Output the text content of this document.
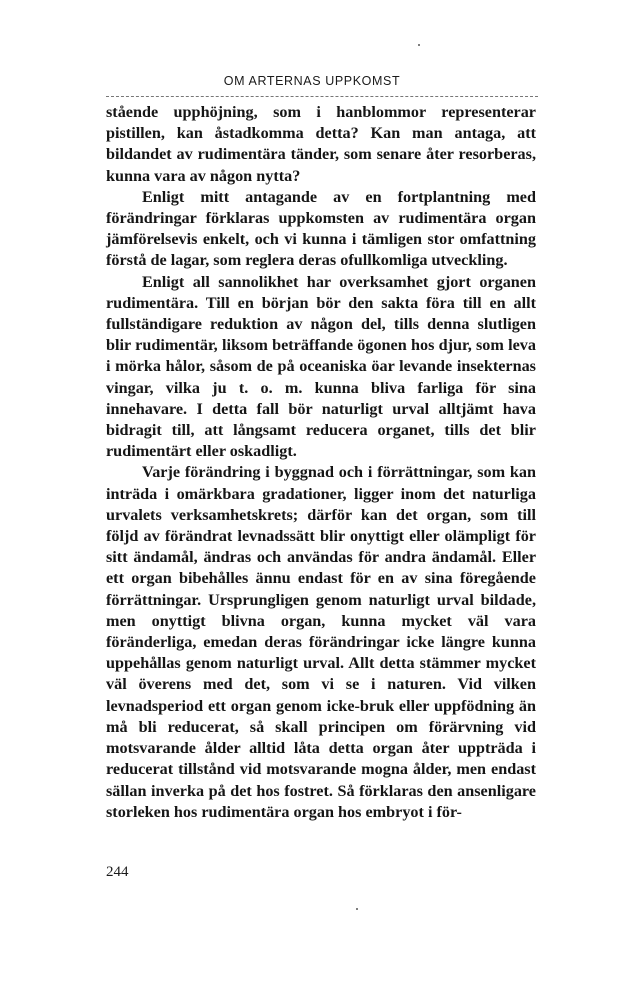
OM ARTERNAS UPPKOMST

stående upphöjning, som i hanblommor representerar pistillen, kan åstadkomma detta? Kan man antaga, att bildandet av rudimentära tänder, som senare åter resorberas, kunna vara av någon nytta?

Enligt mitt antagande av en fortplantning med förändringar förklaras uppkomsten av rudimentära organ jämförelsevis enkelt, och vi kunna i tämligen stor omfattning förstå de lagar, som reglera deras ofullkomliga utveckling.

Enligt all sannolikhet har overksamhet gjort organen rudimentära. Till en början bör den sakta föra till en allt fullständigare reduktion av någon del, tills denna slutligen blir rudimentär, liksom beträffande ögonen hos djur, som leva i mörka hålor, såsom de på oceaniska öar levande insekternas vingar, vilka ju t. o. m. kunna bliva farliga för sina innehavare. I detta fall bör naturligt urval alltjämt hava bidragit till, att långsamt reducera organet, tills det blir rudimentärt eller oskadligt.

Varje förändring i byggnad och i förrättningar, som kan inträda i omärkbara gradationer, ligger inom det naturliga urvalets verksamhetskrets; därför kan det organ, som till följd av förändrat levnadssätt blir onyttigt eller olämpligt för sitt ändamål, ändras och användas för andra ändamål. Eller ett organ bibehålles ännu endast för en av sina föregående förrättningar. Ursprungligen genom naturligt urval bildade, men onyttigt blivna organ, kunna mycket väl vara föränderliga, emedan deras förändringar icke längre kunna uppehållas genom naturligt urval. Allt detta stämmer mycket väl överens med det, som vi se i naturen. Vid vilken levnadsperiod ett organ genom icke-bruk eller uppfödning än må bli reducerat, så skall principen om förärvning vid motsvarande ålder alltid låta detta organ åter uppträda i reducerat tillstånd vid motsvarande mogna ålder, men endast sällan inverka på det hos fostret. Så förklaras den ansenligare storleken hos rudimentära organ hos embryot i för-

244
